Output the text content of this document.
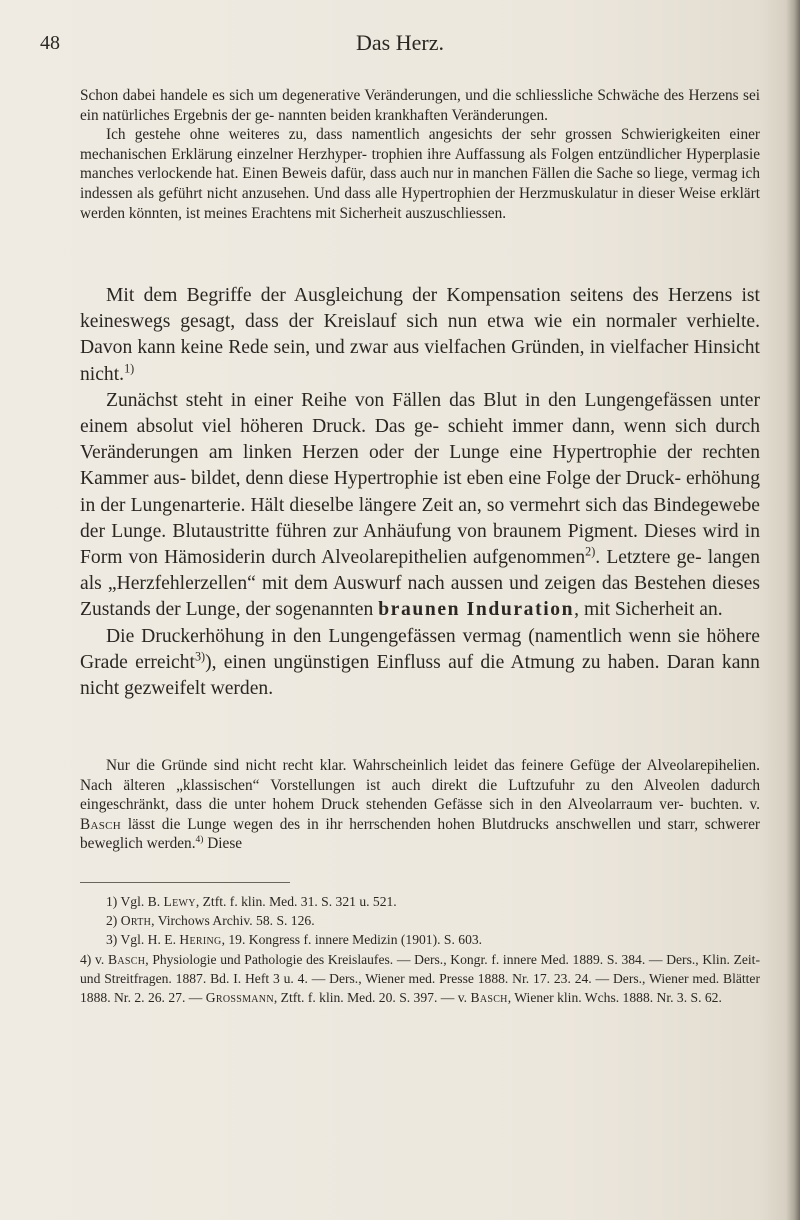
48	Das Herz.

Schon dabei handele es sich um degenerative Veränderungen, und die schliessliche Schwäche des Herzens sei ein natürliches Ergebnis der ge- nannten beiden krankhaften Veränderungen.

Ich gestehe ohne weiteres zu, dass namentlich angesichts der sehr grossen Schwierigkeiten einer mechanischen Erklärung einzelner Herzhyper- trophien ihre Auffassung als Folgen entzündlicher Hyperplasie manches verlockende hat. Einen Beweis dafür, dass auch nur in manchen Fällen die Sache so liege, vermag ich indessen als geführt nicht anzusehen. Und dass alle Hypertrophien der Herzmuskulatur in dieser Weise erklärt werden könnten, ist meines Erachtens mit Sicherheit auszuschliessen.

Mit dem Begriffe der Ausgleichung der Kompensation seitens des Herzens ist keineswegs gesagt, dass der Kreislauf sich nun etwa wie ein normaler verhielte. Davon kann keine Rede sein, und zwar aus vielfachen Gründen, in vielfacher Hinsicht nicht.$^{1)}$

Zunächst steht in einer Reihe von Fällen das Blut in den Lungengefässen unter einem absolut viel höheren Druck. Das ge- schieht immer dann, wenn sich durch Veränderungen am linken Herzen oder der Lunge eine Hypertrophie der rechten Kammer aus- bildet, denn diese Hypertrophie ist eben eine Folge der Druck- erhöhung in der Lungenarterie. Hält dieselbe längere Zeit an, so vermehrt sich das Bindegewebe der Lunge. Blutaustritte führen zur Anhäufung von braunem Pigment. Dieses wird in Form von Hämosiderin durch Alveolarepithelien aufgenommen$^{2)}$. Letztere ge- langen als „Herzfehlerzellen“ mit dem Auswurf nach aussen und zeigen das Bestehen dieses Zustands der Lunge, der sogenannten braunen Induration, mit Sicherheit an.

Die Druckerhöhung in den Lungengefässen vermag (namentlich wenn sie höhere Grade erreicht$^{3)}$), einen ungünstigen Einfluss auf die Atmung zu haben. Daran kann nicht gezweifelt werden.

Nur die Gründe sind nicht recht klar. Wahrscheinlich leidet das feinere Gefüge der Alveolarepihelien. Nach älteren „klassischen“ Vorstellungen ist auch direkt die Luftzufuhr zu den Alveolen dadurch eingeschränkt, dass die unter hohem Druck stehenden Gefässe sich in den Alveolarraum ver- buchten. v. Basch lässt die Lunge wegen des in ihr herrschenden hohen Blutdrucks anschwellen und starr, schwerer beweglich werden.$^{4)}$ Diese

1) Vgl. B. Lewy, Ztft. f. klin. Med. 31. S. 321 u. 521.

2) Orth, Virchows Archiv. 58. S. 126.

3) Vgl. H. E. Hering, 19. Kongress f. innere Medizin (1901). S. 603.

4) v. Basch, Physiologie und Pathologie des Kreislaufes. — Ders., Kongr. f. innere Med. 1889. S. 384. — Ders., Klin. Zeit- und Streitfragen. 1887. Bd. I. Heft 3 u. 4. — Ders., Wiener med. Presse 1888. Nr. 17. 23. 24. — Ders., Wiener med. Blätter 1888. Nr. 2. 26. 27. — Grossmann, Ztft. f. klin. Med. 20. S. 397. — v. Basch, Wiener klin. Wchs. 1888. Nr. 3. S. 62.
